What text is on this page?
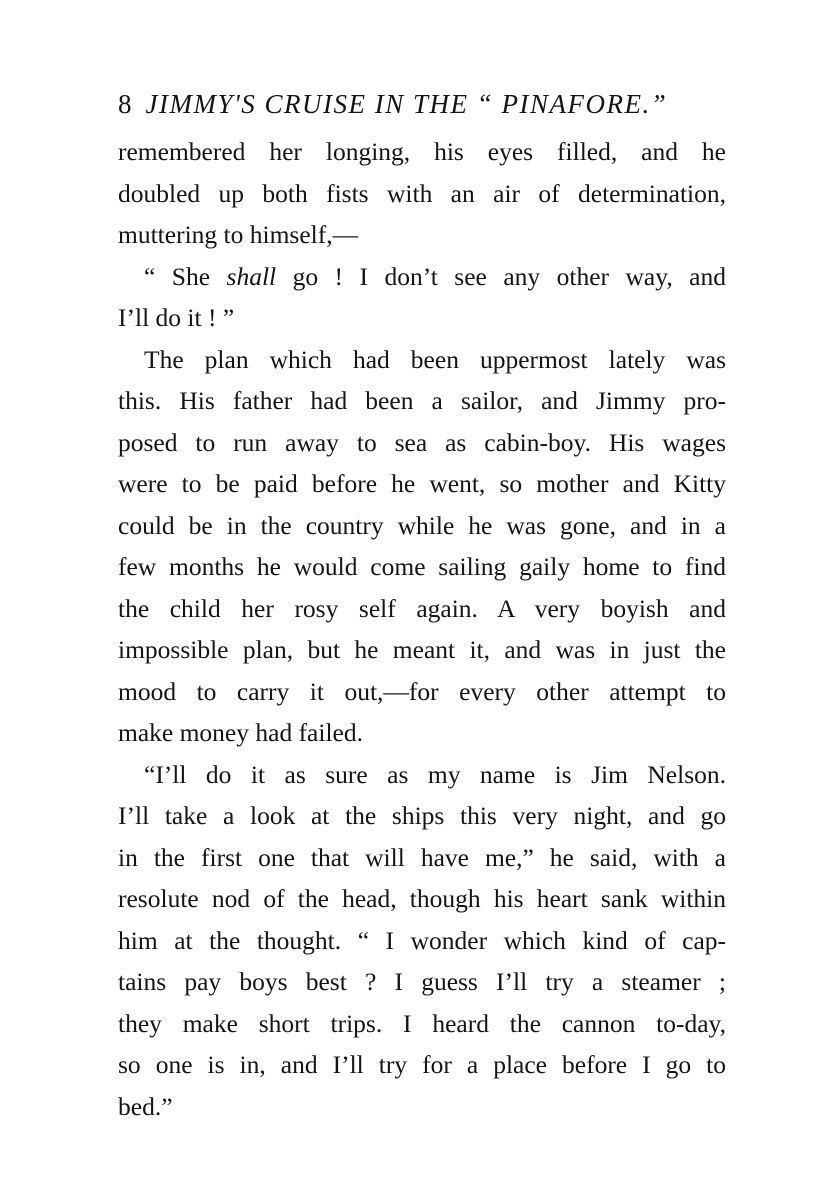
8 JIMMY'S CRUISE IN THE “ PINAFORE.”
remembered her longing, his eyes filled, and he
doubled up both fists with an air of determination,
muttering to himself,—
“ She shall go ! I don’t see any other way, and
I’ll do it ! ”
The plan which had been uppermost lately was
this. His father had been a sailor, and Jimmy pro-
posed to run away to sea as cabin-boy. His wages
were to be paid before he went, so mother and Kitty
could be in the country while he was gone, and in a
few months he would come sailing gaily home to find
the child her rosy self again. A very boyish and
impossible plan, but he meant it, and was in just the
mood to carry it out,—for every other attempt to
make money had failed.
“I’ll do it as sure as my name is Jim Nelson.
I’ll take a look at the ships this very night, and go
in the first one that will have me,” he said, with a
resolute nod of the head, though his heart sank within
him at the thought. “ I wonder which kind of cap-
tains pay boys best ? I guess I’ll try a steamer ;
they make short trips. I heard the cannon to-day,
so one is in, and I’ll try for a place before I go to
bed.”
